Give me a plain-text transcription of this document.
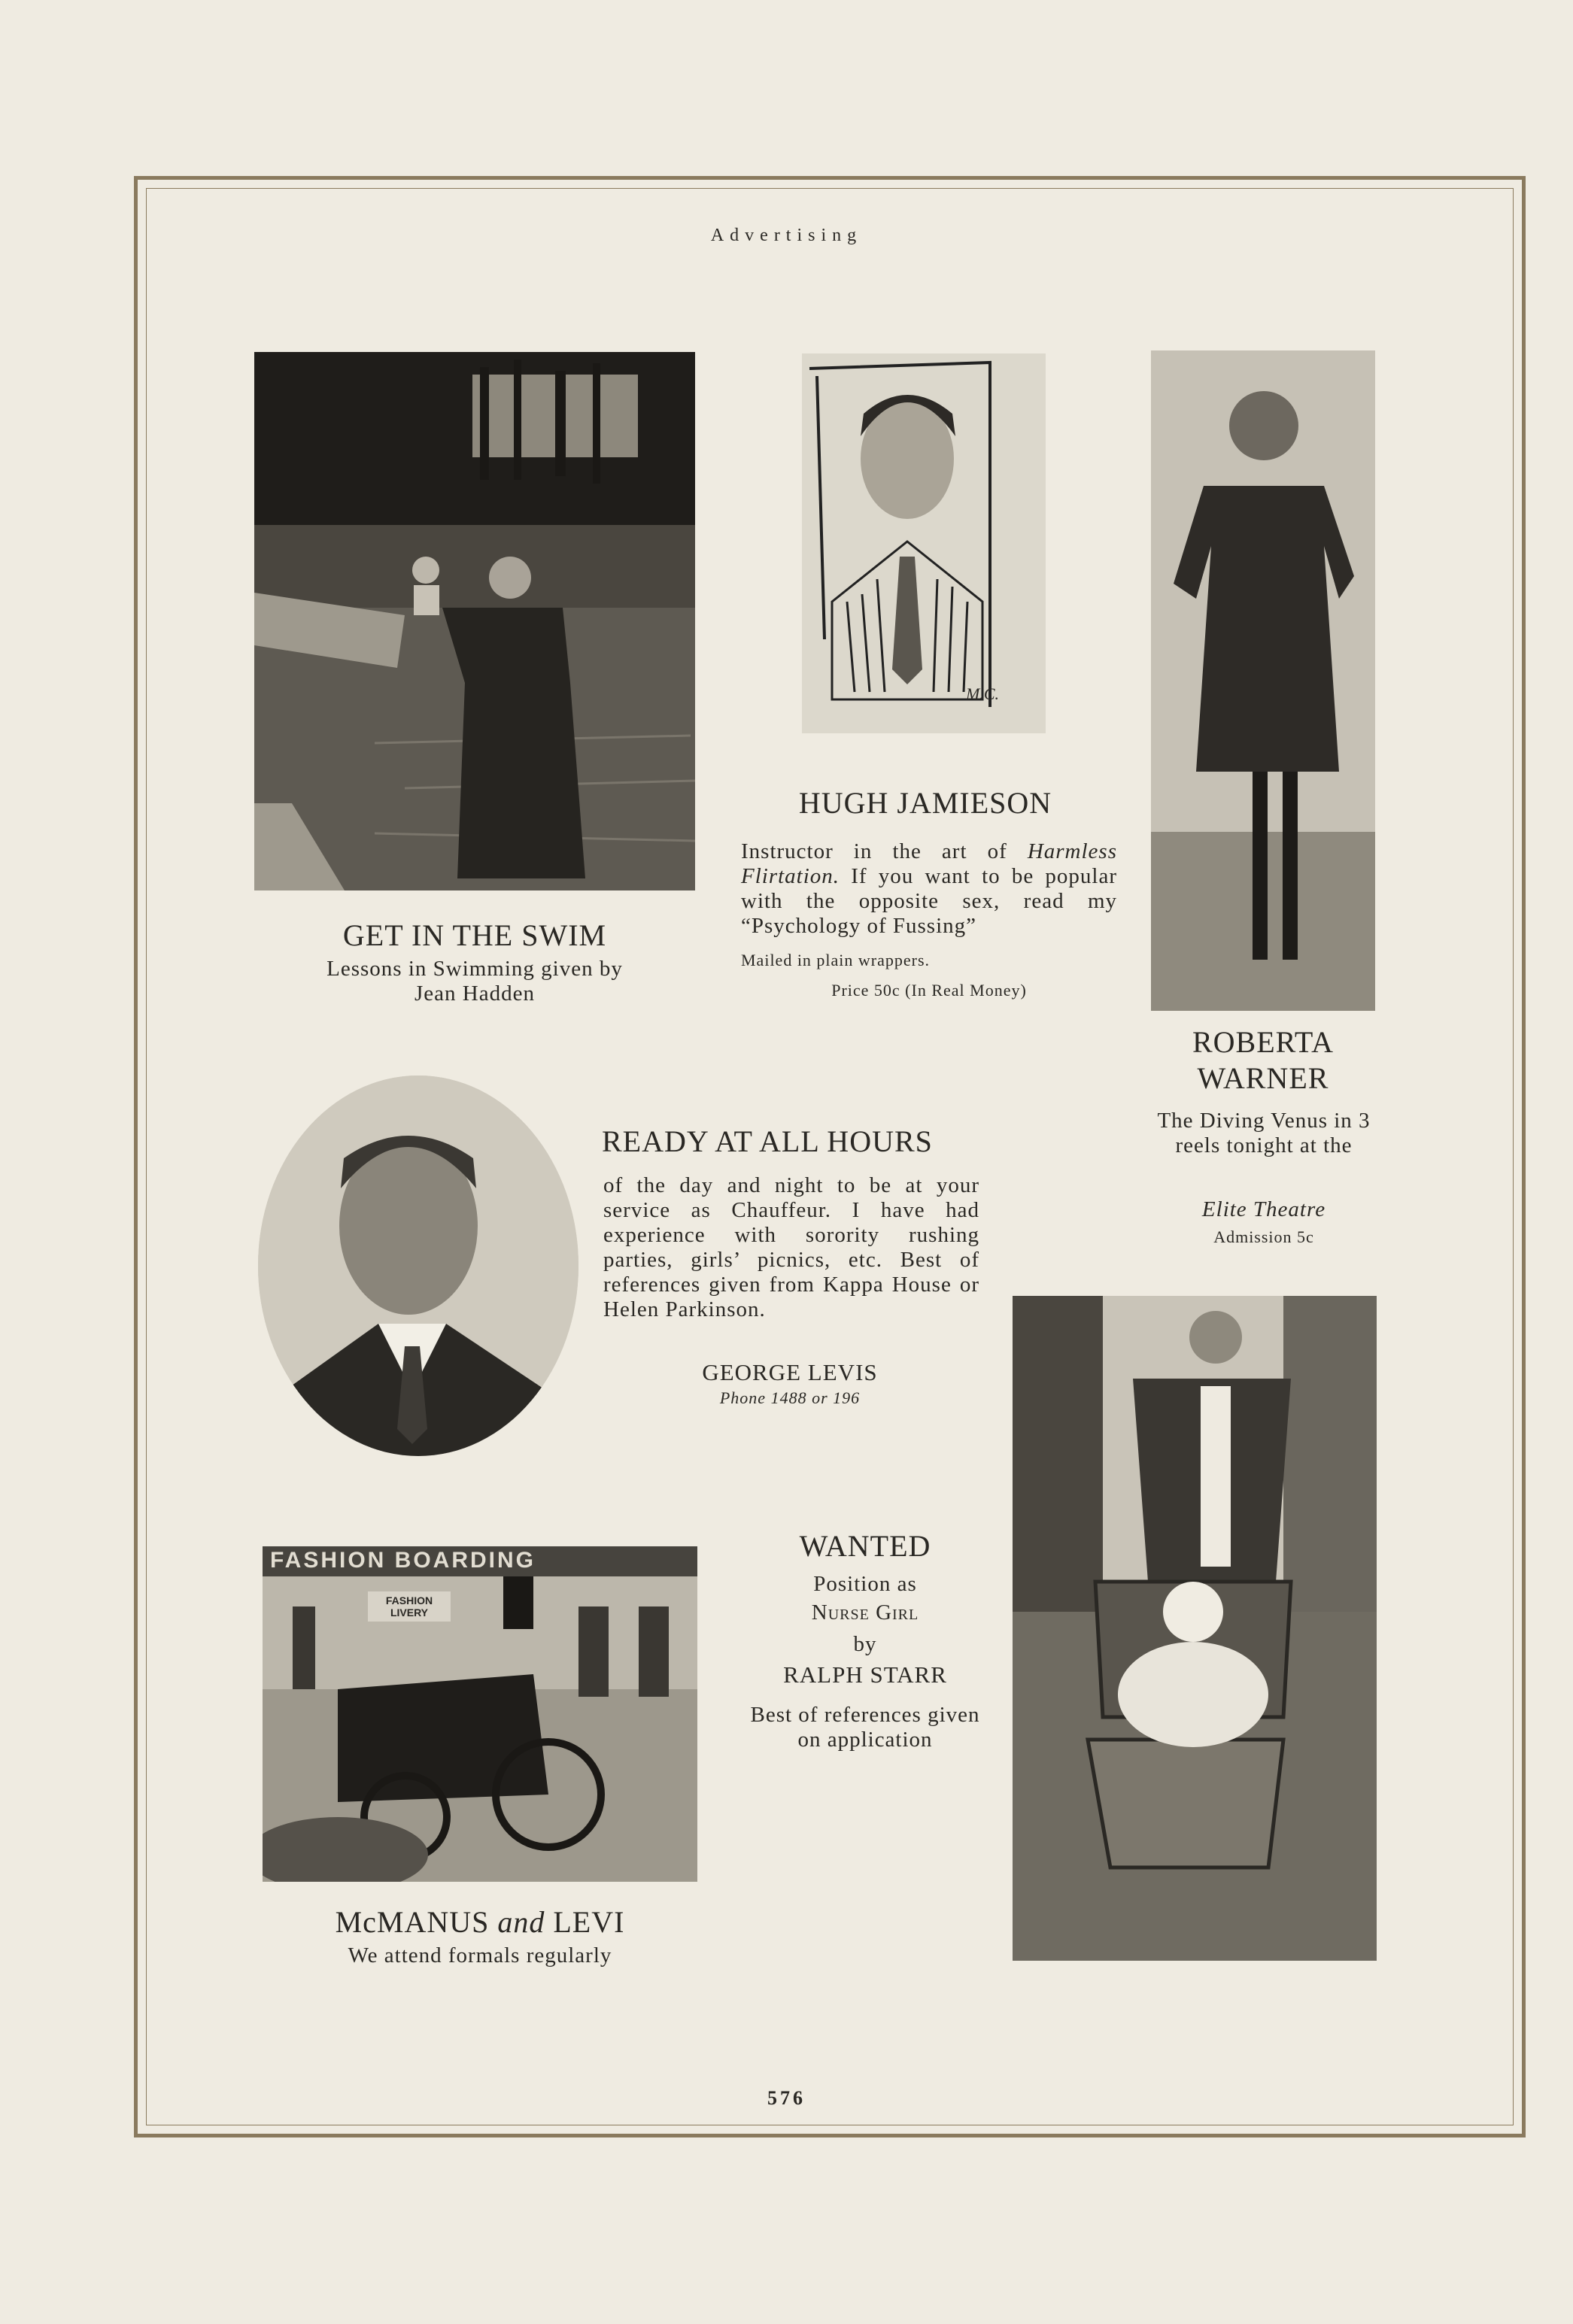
Advertising
GET IN THE SWIM
Lessons in Swimming given by
Jean Hadden
M.C.
HUGH JAMIESON
Instructor in the art of Harmless Flirtation. If you want to be popular with the opposite sex, read my “Psychology of Fussing”
Mailed in plain wrappers.
Price 50c (In Real Money)
ROBERTA
WARNER
The Diving Venus in 3 reels tonight at the
Elite Theatre
Admission 5c
READY AT ALL HOURS
of the day and night to be at your service as Chauffeur. I have had experience with sorority rushing parties, girls’ picnics, etc. Best of references given from Kappa House or Helen Parkinson.
GEORGE LEVIS
Phone 1488 or 196
FASHION BOARDING
FASHION LIVERY
WANTED
Position as
Nurse Girl
by
RALPH STARR
Best of references given on application
McMANUS and LEVI
We attend formals regularly
576
